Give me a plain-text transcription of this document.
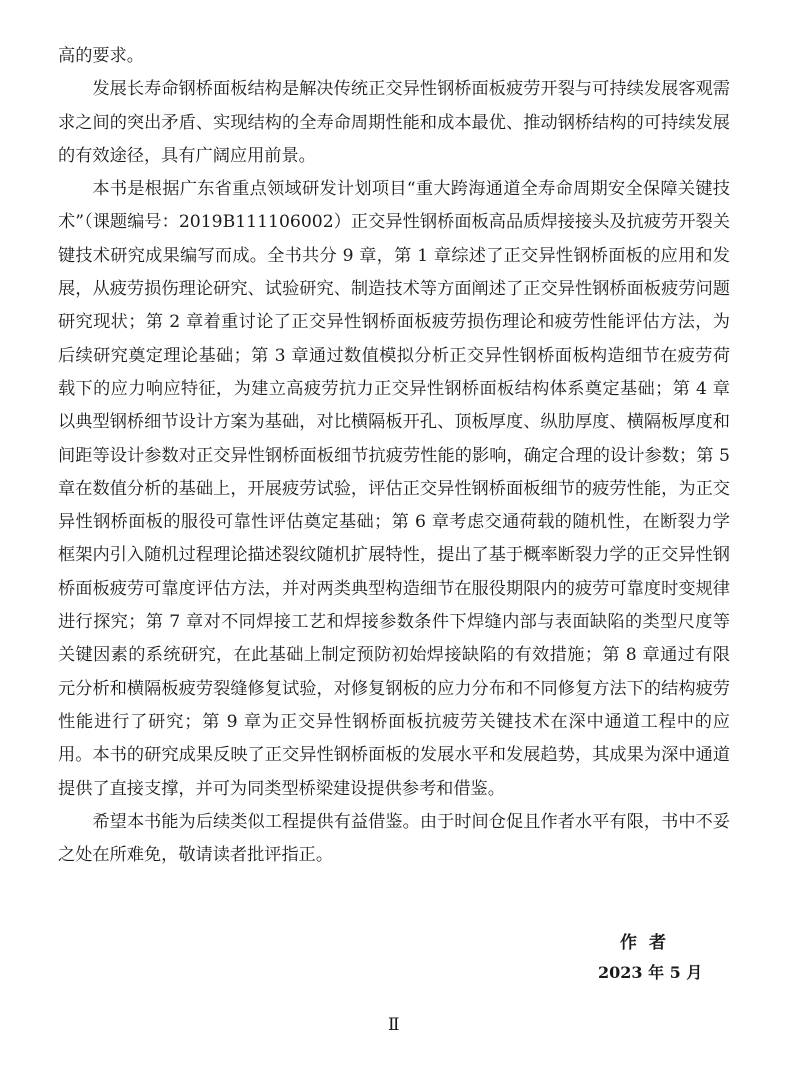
高的要求。

发展长寿命钢桥面板结构是解决传统正交异性钢桥面板疲劳开裂与可持续发展客观需求之间的突出矛盾、实现结构的全寿命周期性能和成本最优、推动钢桥结构的可持续发展的有效途径，具有广阔应用前景。

本书是根据广东省重点领域研发计划项目“重大跨海通道全寿命周期安全保障关键技术”（课题编号：2019B111106002）正交异性钢桥面板高品质焊接接头及抗疲劳开裂关键技术研究成果编写而成。全书共分 9 章，第 1 章综述了正交异性钢桥面板的应用和发展，从疲劳损伤理论研究、试验研究、制造技术等方面阐述了正交异性钢桥面板疲劳问题研究现状；第 2 章着重讨论了正交异性钢桥面板疲劳损伤理论和疲劳性能评估方法，为后续研究奠定理论基础；第 3 章通过数值模拟分析正交异性钢桥面板构造细节在疲劳荷载下的应力响应特征，为建立高疲劳抗力正交异性钢桥面板结构体系奠定基础；第 4 章以典型钢桥细节设计方案为基础，对比横隔板开孔、顶板厚度、纵肋厚度、横隔板厚度和间距等设计参数对正交异性钢桥面板细节抗疲劳性能的影响，确定合理的设计参数；第 5 章在数值分析的基础上，开展疲劳试验，评估正交异性钢桥面板细节的疲劳性能，为正交异性钢桥面板的服役可靠性评估奠定基础；第 6 章考虑交通荷载的随机性，在断裂力学框架内引入随机过程理论描述裂纹随机扩展特性，提出了基于概率断裂力学的正交异性钢桥面板疲劳可靠度评估方法，并对两类典型构造细节在服役期限内的疲劳可靠度时变规律进行探究；第 7 章对不同焊接工艺和焊接参数条件下焊缝内部与表面缺陷的类型尺度等关键因素的系统研究，在此基础上制定预防初始焊接缺陷的有效措施；第 8 章通过有限元分析和横隔板疲劳裂缝修复试验，对修复钢板的应力分布和不同修复方法下的结构疲劳性能进行了研究；第 9 章为正交异性钢桥面板抗疲劳关键技术在深中通道工程中的应用。本书的研究成果反映了正交异性钢桥面板的发展水平和发展趋势，其成果为深中通道提供了直接支撑，并可为同类型桥梁建设提供参考和借鉴。

希望本书能为后续类似工程提供有益借鉴。由于时间仓促且作者水平有限，书中不妥之处在所难免，敬请读者批评指正。

作者
2023 年 5 月
Ⅱ
